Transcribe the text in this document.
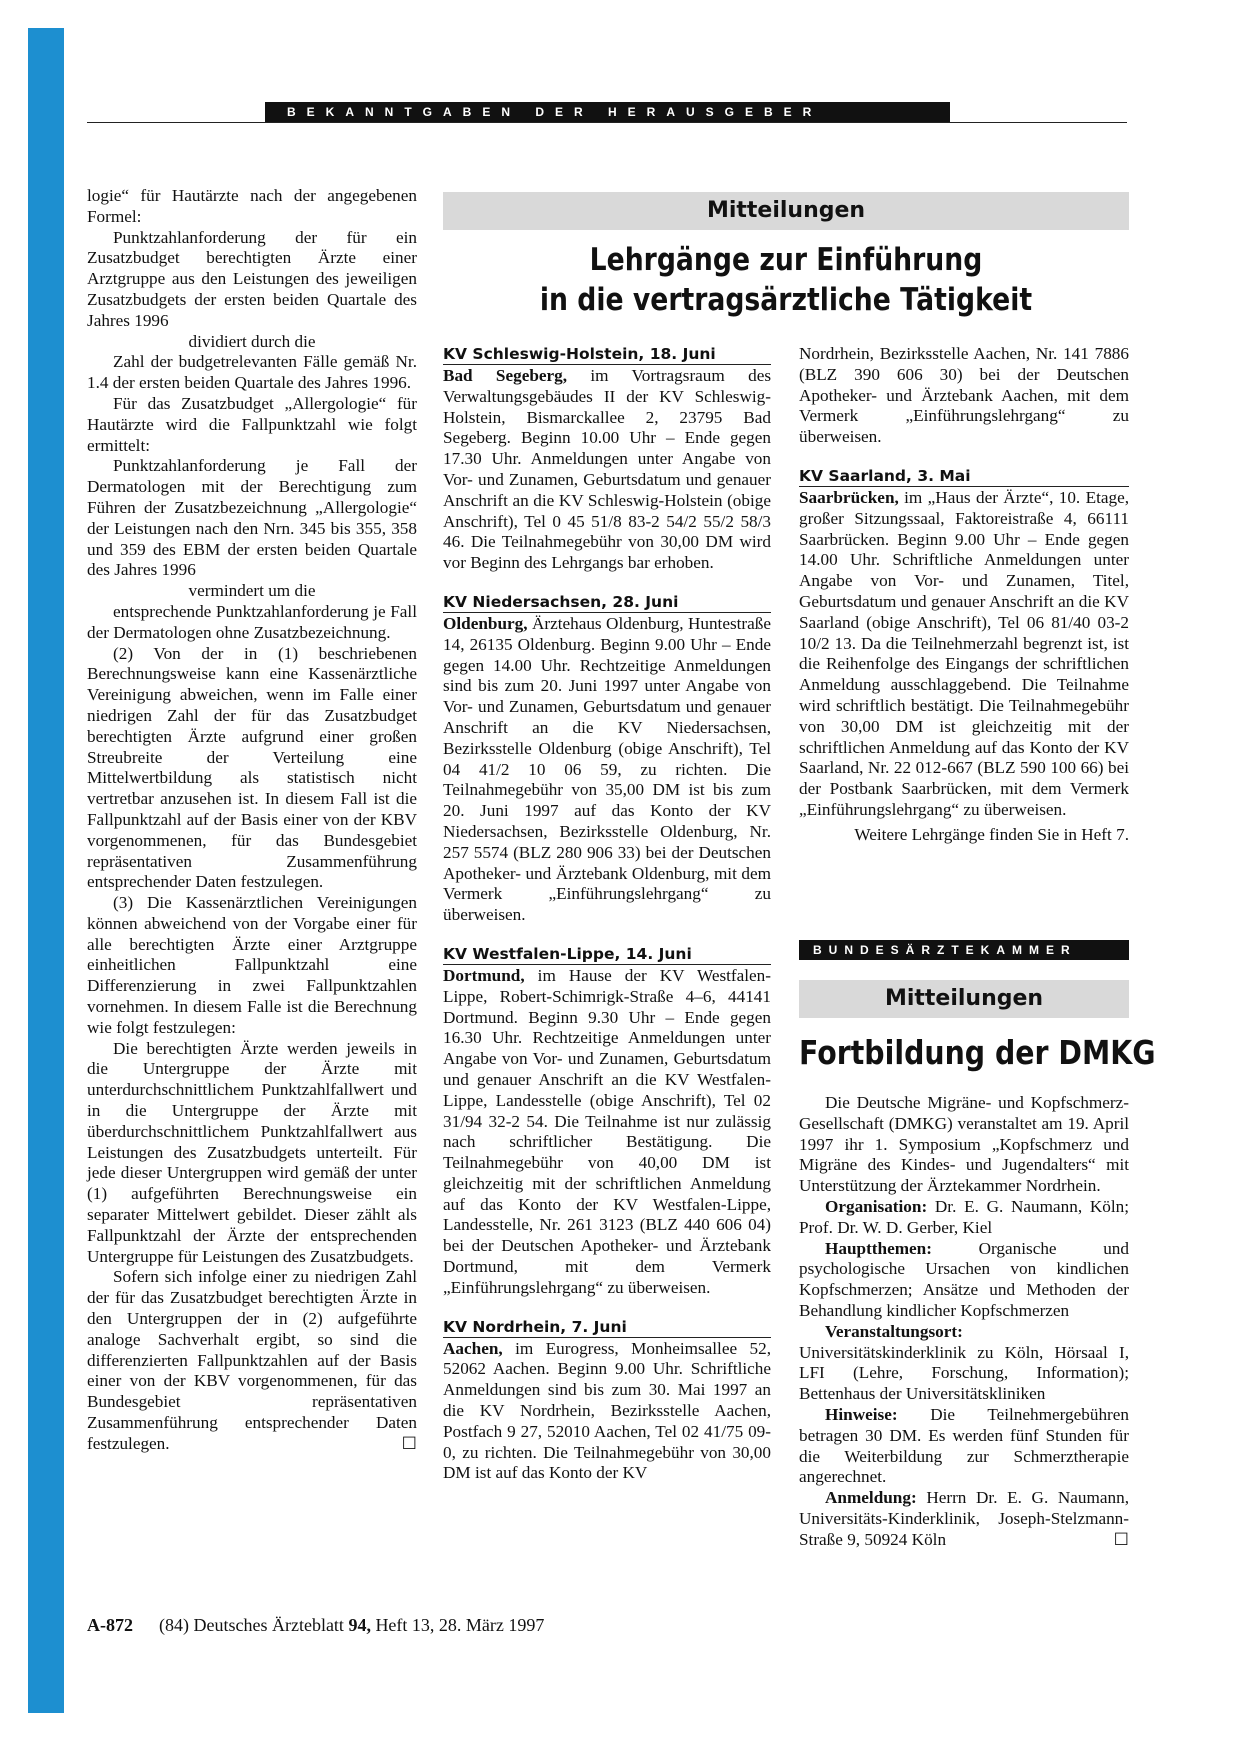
BEKANNTGABEN DER HERAUSGEBER

logie“ für Hautärzte nach der angegebenen Formel:

Punktzahlanforderung der für ein Zusatzbudget berechtigten Ärzte einer Arztgruppe aus den Leistungen des jeweiligen Zusatzbudgets der ersten beiden Quartale des Jahres 1996

dividiert durch die

Zahl der budgetrelevanten Fälle gemäß Nr. 1.4 der ersten beiden Quartale des Jahres 1996.

Für das Zusatzbudget „Allergologie“ für Hautärzte wird die Fallpunktzahl wie folgt ermittelt:

Punktzahlanforderung je Fall der Dermatologen mit der Berechtigung zum Führen der Zusatzbezeichnung „Allergologie“ der Leistungen nach den Nrn. 345 bis 355, 358 und 359 des EBM der ersten beiden Quartale des Jahres 1996

vermindert um die

entsprechende Punktzahlanforderung je Fall der Dermatologen ohne Zusatzbezeichnung.

(2) Von der in (1) beschriebenen Berechnungsweise kann eine Kassenärztliche Vereinigung abweichen, wenn im Falle einer niedrigen Zahl der für das Zusatzbudget berechtigten Ärzte aufgrund einer großen Streubreite der Verteilung eine Mittelwertbildung als statistisch nicht vertretbar anzusehen ist. In diesem Fall ist die Fallpunktzahl auf der Basis einer von der KBV vorgenommenen, für das Bundesgebiet repräsentativen Zusammenführung entsprechender Daten festzulegen.

(3) Die Kassenärztlichen Vereinigungen können abweichend von der Vorgabe einer für alle berechtigten Ärzte einer Arztgruppe einheitlichen Fallpunktzahl eine Differenzierung in zwei Fallpunktzahlen vornehmen. In diesem Falle ist die Berechnung wie folgt festzulegen:

Die berechtigten Ärzte werden jeweils in die Untergruppe der Ärzte mit unterdurchschnittlichem Punktzahlfallwert und in die Untergruppe der Ärzte mit überdurchschnittlichem Punktzahlfallwert aus Leistungen des Zusatzbudgets unterteilt. Für jede dieser Untergruppen wird gemäß der unter (1) aufgeführten Berechnungsweise ein separater Mittelwert gebildet. Dieser zählt als Fallpunktzahl der Ärzte der entsprechenden Untergruppe für Leistungen des Zusatzbudgets.

Sofern sich infolge einer zu niedrigen Zahl der für das Zusatzbudget berechtigten Ärzte in den Untergruppen der in (2) aufgeführte analoge Sachverhalt ergibt, so sind die differenzierten Fallpunktzahlen auf der Basis einer von der KBV vorgenommenen, für das Bundesgebiet repräsentativen Zusammenführung entsprechender Daten festzulegen.	☐

Mitteilungen
Lehrgänge zur Einführung
in die vertragsärztliche Tätigkeit
KV Schleswig-Holstein, 18. Juni

Bad Segeberg, im Vortragsraum des Verwaltungsgebäudes II der KV Schleswig-Holstein, Bismarckallee 2, 23795 Bad Segeberg. Beginn 10.00 Uhr – Ende gegen 17.30 Uhr. Anmeldungen unter Angabe von Vor- und Zunamen, Geburtsdatum und genauer Anschrift an die KV Schleswig-Holstein (obige Anschrift), Tel 0 45 51/8 83-2 54/2 55/2 58/3 46. Die Teilnahmegebühr von 30,00 DM wird vor Beginn des Lehrgangs bar erhoben.

KV Niedersachsen, 28. Juni

Oldenburg, Ärztehaus Oldenburg, Huntestraße 14, 26135 Oldenburg. Beginn 9.00 Uhr – Ende gegen 14.00 Uhr. Rechtzeitige Anmeldungen sind bis zum 20. Juni 1997 unter Angabe von Vor- und Zunamen, Geburtsdatum und genauer Anschrift an die KV Niedersachsen, Bezirksstelle Oldenburg (obige Anschrift), Tel 04 41/2 10 06 59, zu richten. Die Teilnahmegebühr von 35,00 DM ist bis zum 20. Juni 1997 auf das Konto der KV Niedersachsen, Bezirksstelle Oldenburg, Nr. 257 5574 (BLZ 280 906 33) bei der Deutschen Apotheker- und Ärztebank Oldenburg, mit dem Vermerk „Einführungslehrgang“ zu überweisen.

KV Westfalen-Lippe, 14. Juni

Dortmund, im Hause der KV Westfalen-Lippe, Robert-Schimrigk-Straße 4–6, 44141 Dortmund. Beginn 9.30 Uhr – Ende gegen 16.30 Uhr. Rechtzeitige Anmeldungen unter Angabe von Vor- und Zunamen, Geburtsdatum und genauer Anschrift an die KV Westfalen-Lippe, Landesstelle (obige Anschrift), Tel 02 31/94 32-2 54. Die Teilnahme ist nur zulässig nach schriftlicher Bestätigung. Die Teilnahmegebühr von 40,00 DM ist gleichzeitig mit der schriftlichen Anmeldung auf das Konto der KV Westfalen-Lippe, Landesstelle, Nr. 261 3123 (BLZ 440 606 04) bei der Deutschen Apotheker- und Ärztebank Dortmund, mit dem Vermerk „Einführungslehrgang“ zu überweisen.

KV Nordrhein, 7. Juni

Aachen, im Eurogress, Monheimsallee 52, 52062 Aachen. Beginn 9.00 Uhr. Schriftliche Anmeldungen sind bis zum 30. Mai 1997 an die KV Nordrhein, Bezirksstelle Aachen, Postfach 9 27, 52010 Aachen, Tel 02 41/75 09-0, zu richten. Die Teilnahmegebühr von 30,00 DM ist auf das Konto der KV

Nordrhein, Bezirksstelle Aachen, Nr. 141 7886 (BLZ 390 606 30) bei der Deutschen Apotheker- und Ärztebank Aachen, mit dem Vermerk „Einführungslehrgang“ zu überweisen.

KV Saarland, 3. Mai

Saarbrücken, im „Haus der Ärzte“, 10. Etage, großer Sitzungssaal, Faktoreistraße 4, 66111 Saarbrücken. Beginn 9.00 Uhr – Ende gegen 14.00 Uhr. Schriftliche Anmeldungen unter Angabe von Vor- und Zunamen, Titel, Geburtsdatum und genauer Anschrift an die KV Saarland (obige Anschrift), Tel 06 81/40 03-2 10/2 13. Da die Teilnehmerzahl begrenzt ist, ist die Reihenfolge des Eingangs der schriftlichen Anmeldung ausschlaggebend. Die Teilnahme wird schriftlich bestätigt. Die Teilnahmegebühr von 30,00 DM ist gleichzeitig mit der schriftlichen Anmeldung auf das Konto der KV Saarland, Nr. 22 012-667 (BLZ 590 100 66) bei der Postbank Saarbrücken, mit dem Vermerk „Einführungslehrgang“ zu überweisen.

Weitere Lehrgänge finden Sie in Heft 7.

BUNDESÄRZTEKAMMER
Mitteilungen
Fortbildung der DMKG

Die Deutsche Migräne- und Kopfschmerz-Gesellschaft (DMKG) veranstaltet am 19. April 1997 ihr 1. Symposium „Kopfschmerz und Migräne des Kindes- und Jugendalters“ mit Unterstützung der Ärztekammer Nordrhein.

Organisation: Dr. E. G. Naumann, Köln; Prof. Dr. W. D. Gerber, Kiel

Hauptthemen: Organische und psychologische Ursachen von kindlichen Kopfschmerzen; Ansätze und Methoden der Behandlung kindlicher Kopfschmerzen

Veranstaltungsort: Universitätskinderklinik zu Köln, Hörsaal I, LFI (Lehre, Forschung, Information); Bettenhaus der Universitätskliniken

Hinweise: Die Teilnehmergebühren betragen 30 DM. Es werden fünf Stunden für die Weiterbildung zur Schmerztherapie angerechnet.

Anmeldung: Herrn Dr. E. G. Naumann, Universitäts-Kinderklinik, Joseph-Stelzmann-Straße 9, 50924 Köln	☐

A-872 (84) Deutsches Ärzteblatt 94, Heft 13, 28. März 1997
